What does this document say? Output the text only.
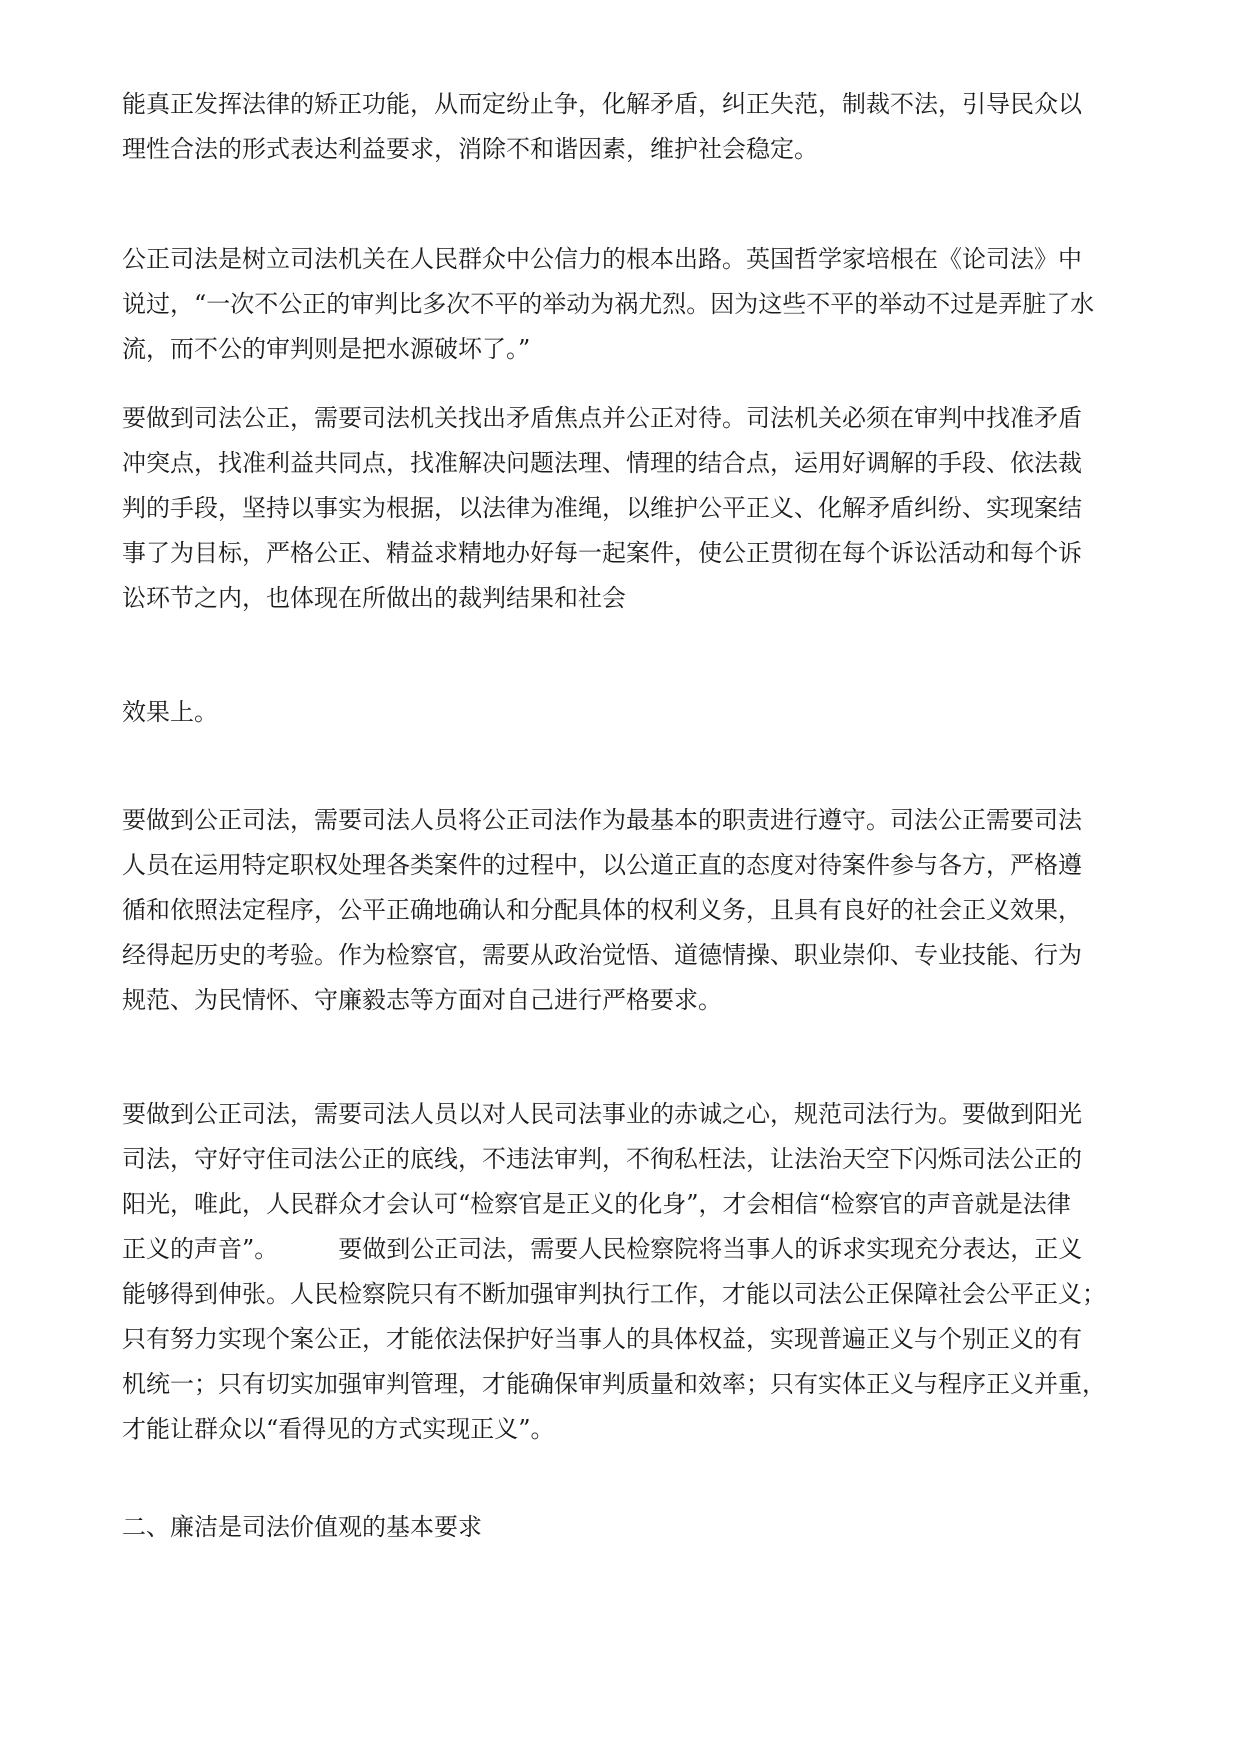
能真正发挥法律的矫正功能，从而定纷止争，化解矛盾，纠正失范，制裁不法，引导民众以
理性合法的形式表达利益要求，消除不和谐因素，维护社会稳定。

公正司法是树立司法机关在人民群众中公信力的根本出路。英国哲学家培根在《论司法》中
说过，“一次不公正的审判比多次不平的举动为祸尤烈。因为这些不平的举动不过是弄脏了水
流，而不公的审判则是把水源破坏了。”

要做到司法公正，需要司法机关找出矛盾焦点并公正对待。司法机关必须在审判中找准矛盾
冲突点，找准利益共同点，找准解决问题法理、情理的结合点，运用好调解的手段、依法裁
判的手段，坚持以事实为根据，以法律为准绳，以维护公平正义、化解矛盾纠纷、实现案结
事了为目标，严格公正、精益求精地办好每一起案件，使公正贯彻在每个诉讼活动和每个诉
讼环节之内，也体现在所做出的裁判结果和社会

效果上。

要做到公正司法，需要司法人员将公正司法作为最基本的职责进行遵守。司法公正需要司法
人员在运用特定职权处理各类案件的过程中，以公道正直的态度对待案件参与各方，严格遵
循和依照法定程序，公平正确地确认和分配具体的权利义务，且具有良好的社会正义效果，
经得起历史的考验。作为检察官，需要从政治觉悟、道德情操、职业崇仰、专业技能、行为
规范、为民情怀、守廉毅志等方面对自己进行严格要求。

要做到公正司法，需要司法人员以对人民司法事业的赤诚之心，规范司法行为。要做到阳光
司法，守好守住司法公正的底线，不违法审判，不徇私枉法，让法治天空下闪烁司法公正的
阳光，唯此，人民群众才会认可“检察官是正义的化身”，才会相信“检察官的声音就是法律
正义的声音”。　　　要做到公正司法，需要人民检察院将当事人的诉求实现充分表达，正义
能够得到伸张。人民检察院只有不断加强审判执行工作，才能以司法公正保障社会公平正义；
只有努力实现个案公正，才能依法保护好当事人的具体权益，实现普遍正义与个别正义的有
机统一；只有切实加强审判管理，才能确保审判质量和效率；只有实体正义与程序正义并重，
才能让群众以“看得见的方式实现正义”。

二、廉洁是司法价值观的基本要求
